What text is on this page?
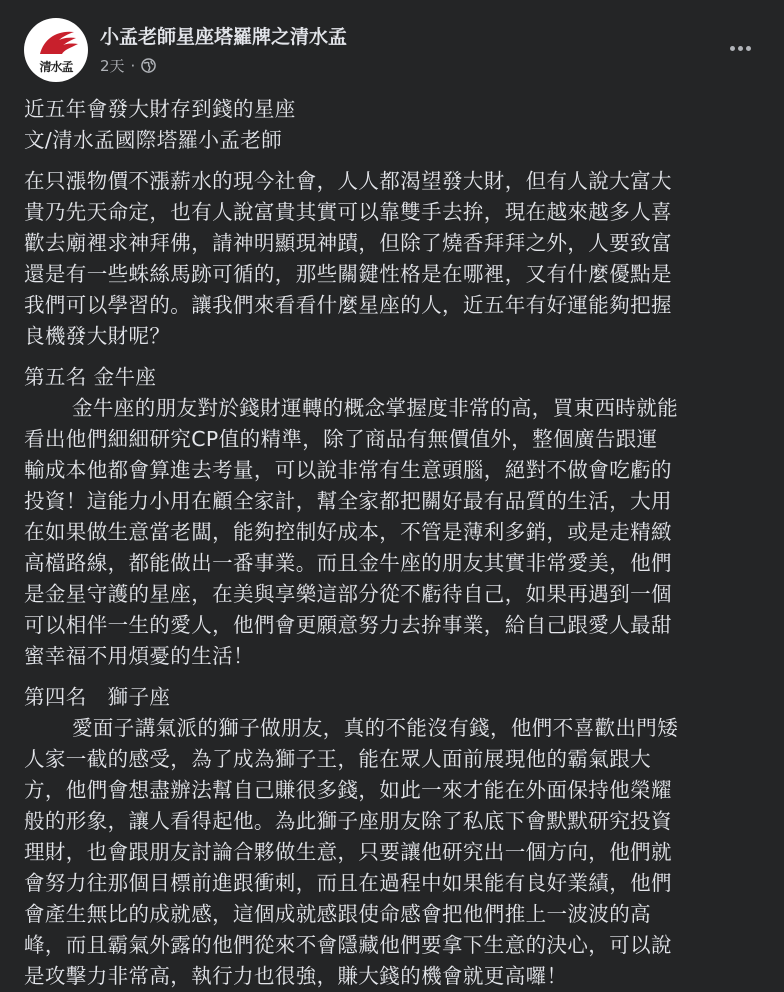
清水孟
小孟老師星座塔羅牌之清水孟
2天 ·

近五年會發大財存到錢的星座

文/清水孟國際塔羅小孟老師

在只漲物價不漲薪水的現今社會，人人都渴望發大財，但有人說大富大

貴乃先天命定，也有人說富貴其實可以靠雙手去拚，現在越來越多人喜

歡去廟裡求神拜佛，請神明顯現神蹟，但除了燒香拜拜之外，人要致富

還是有一些蛛絲馬跡可循的，那些關鍵性格是在哪裡，又有什麼優點是

我們可以學習的。讓我們來看看什麼星座的人，近五年有好運能夠把握

良機發大財呢？

第五名 金牛座

金牛座的朋友對於錢財運轉的概念掌握度非常的高，買東西時就能

看出他們細細研究CP值的精準，除了商品有無價值外，整個廣告跟運

輸成本他都會算進去考量，可以說非常有生意頭腦，絕對不做會吃虧的

投資！這能力小用在顧全家計，幫全家都把關好最有品質的生活，大用

在如果做生意當老闆，能夠控制好成本，不管是薄利多銷，或是走精緻

高檔路線，都能做出一番事業。而且金牛座的朋友其實非常愛美，他們

是金星守護的星座，在美與享樂這部分從不虧待自己，如果再遇到一個

可以相伴一生的愛人，他們會更願意努力去拚事業，給自己跟愛人最甜

蜜幸福不用煩憂的生活！

第四名　獅子座

愛面子講氣派的獅子做朋友，真的不能沒有錢，他們不喜歡出門矮

人家一截的感受，為了成為獅子王，能在眾人面前展現他的霸氣跟大

方，他們會想盡辦法幫自己賺很多錢，如此一來才能在外面保持他榮耀

般的形象，讓人看得起他。為此獅子座朋友除了私底下會默默研究投資

理財，也會跟朋友討論合夥做生意，只要讓他研究出一個方向，他們就

會努力往那個目標前進跟衝刺，而且在過程中如果能有良好業績，他們

會產生無比的成就感，這個成就感跟使命感會把他們推上一波波的高

峰，而且霸氣外露的他們從來不會隱藏他們要拿下生意的決心，可以說

是攻擊力非常高，執行力也很強，賺大錢的機會就更高囉！
